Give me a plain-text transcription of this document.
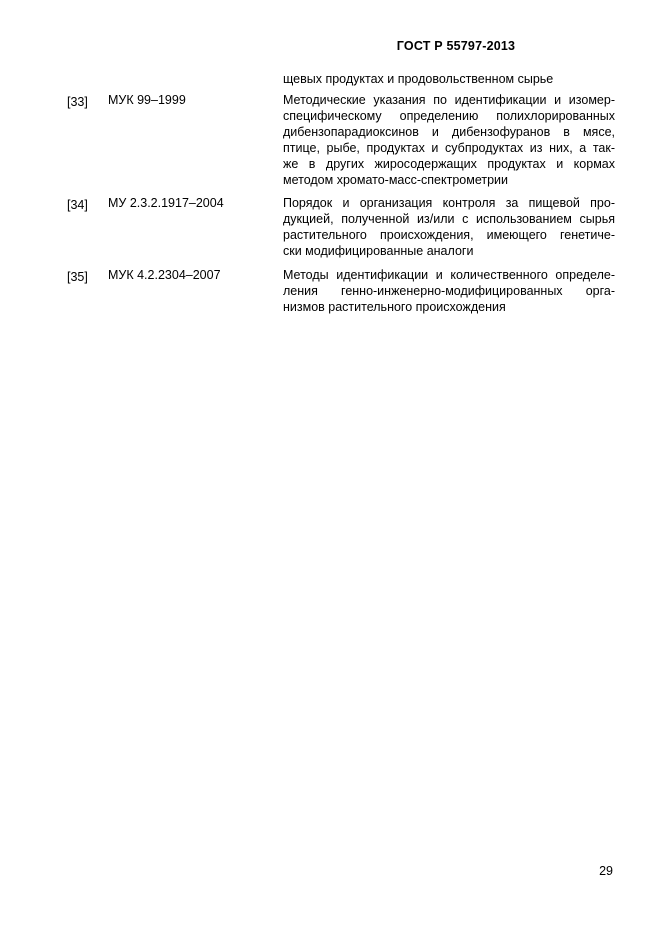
ГОСТ Р 55797-2013
щевых продуктах и продовольственном сырье
[33] МУК 99–1999	Методические указания по идентификации и изомер-
специфическому определению полихлорированных
дибензопарадиоксинов и дибензофуранов в мясе,
птице, рыбе, продуктах и субпродуктах из них, а так-
же в других жиросодержащих продуктах и кормах
методом хромато-масс-спектрометрии
[34] МУ 2.3.2.1917–2004	Порядок и организация контроля за пищевой про-
дукцией, полученной из/или с использованием сырья
растительного происхождения, имеющего генетиче-
ски модифицированные аналоги
[35] МУК 4.2.2304–2007	Методы идентификации и количественного определе-
ления генно-инженерно-модифицированных орга-
низмов растительного происхождения
29
